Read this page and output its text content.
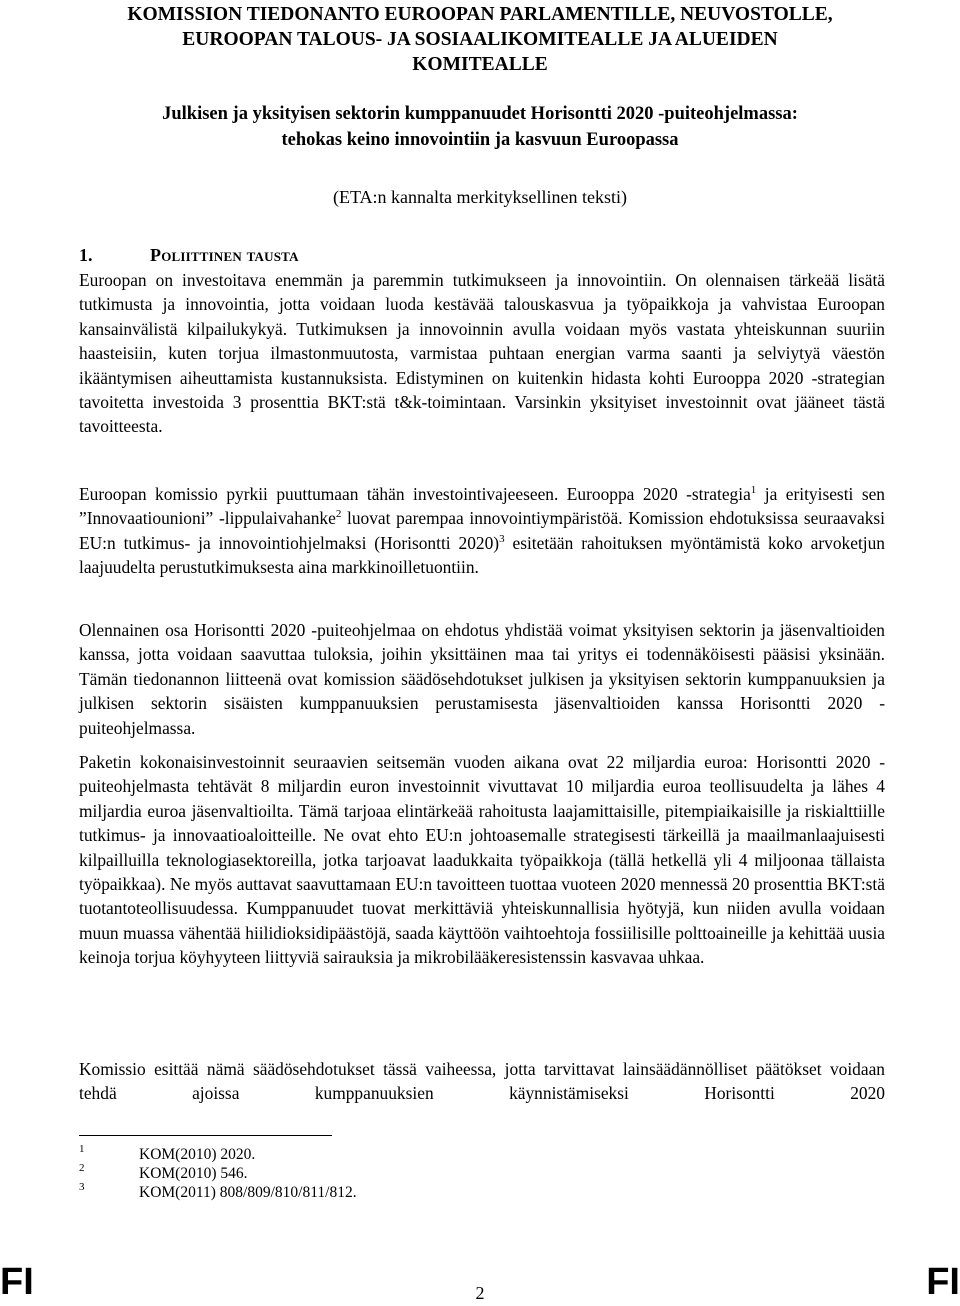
KOMISSION TIEDONANTO EUROOPAN PARLAMENTILLE, NEUVOSTOLLE,
EUROOPAN TALOUS- JA SOSIAALIKOMITEALLE JA ALUEIDEN
KOMITEALLE
Julkisen ja yksityisen sektorin kumppanuudet Horisontti 2020 -puiteohjelmassa:
tehokas keino innovointiin ja kasvuun Euroopassa
(ETA:n kannalta merkityksellinen teksti)
1.	Poliittinen tausta

Euroopan on investoitava enemmän ja paremmin tutkimukseen ja innovointiin. On olennaisen tärkeää lisätä tutkimusta ja innovointia, jotta voidaan luoda kestävää talouskasvua ja työpaikkoja ja vahvistaa Euroopan kansainvälistä kilpailukykyä. Tutkimuksen ja innovoinnin avulla voidaan myös vastata yhteiskunnan suuriin haasteisiin, kuten torjua ilmastonmuutosta, varmistaa puhtaan energian varma saanti ja selviytyä väestön ikääntymisen aiheuttamista kustannuksista. Edistyminen on kuitenkin hidasta kohti Eurooppa 2020 -strategian tavoitetta investoida 3 prosenttia BKT:stä t&k-toimintaan. Varsinkin yksityiset investoinnit ovat jääneet tästä tavoitteesta.

Euroopan komissio pyrkii puuttumaan tähän investointivajeeseen. Eurooppa 2020 -strategia$^1$ ja erityisesti sen ”Innovaatiounioni” -lippulaivahanke$^2$ luovat parempaa innovointiympäristöä. Komission ehdotuksissa seuraavaksi EU:n tutkimus- ja innovointiohjelmaksi (Horisontti 2020)$^3$ esitetään rahoituksen myöntämistä koko arvoketjun laajuudelta perustutkimuksesta aina markkinoilletuontiin.

Olennainen osa Horisontti 2020 -puiteohjelmaa on ehdotus yhdistää voimat yksityisen sektorin ja jäsenvaltioiden kanssa, jotta voidaan saavuttaa tuloksia, joihin yksittäinen maa tai yritys ei todennäköisesti pääsisi yksinään. Tämän tiedonannon liitteenä ovat komission säädösehdotukset julkisen ja yksityisen sektorin kumppanuuksien ja julkisen sektorin sisäisten kumppanuuksien perustamisesta jäsenvaltioiden kanssa Horisontti 2020 -puiteohjelmassa.

Paketin kokonaisinvestoinnit seuraavien seitsemän vuoden aikana ovat 22 miljardia euroa: Horisontti 2020 -puiteohjelmasta tehtävät 8 miljardin euron investoinnit vivuttavat 10 miljardia euroa teollisuudelta ja lähes 4 miljardia euroa jäsenvaltioilta. Tämä tarjoaa elintärkeää rahoitusta laajamittaisille, pitempiaikaisille ja riskialttiille tutkimus- ja innovaatioaloitteille. Ne ovat ehto EU:n johtoasemalle strategisesti tärkeillä ja maailmanlaajuisesti kilpailluilla teknologiasektoreilla, jotka tarjoavat laadukkaita työpaikkoja (tällä hetkellä yli 4 miljoonaa tällaista työpaikkaa). Ne myös auttavat saavuttamaan EU:n tavoitteen tuottaa vuoteen 2020 mennessä 20 prosenttia BKT:stä tuotantoteollisuudessa. Kumppanuudet tuovat merkittäviä yhteiskunnallisia hyötyjä, kun niiden avulla voidaan muun muassa vähentää hiilidioksidipäästöjä, saada käyttöön vaihtoehtoja fossiilisille polttoaineille ja kehittää uusia keinoja torjua köyhyyteen liittyviä sairauksia ja mikrobilääkeresistenssin kasvavaa uhkaa.

Komissio esittää nämä säädösehdotukset tässä vaiheessa, jotta tarvittavat lainsäädännölliset päätökset voidaan tehdä ajoissa kumppanuuksien käynnistämiseksi Horisontti 2020

1	KOM(2010) 2020.
2	KOM(2010) 546.
3	KOM(2011) 808/809/810/811/812.
FI	2	FI
